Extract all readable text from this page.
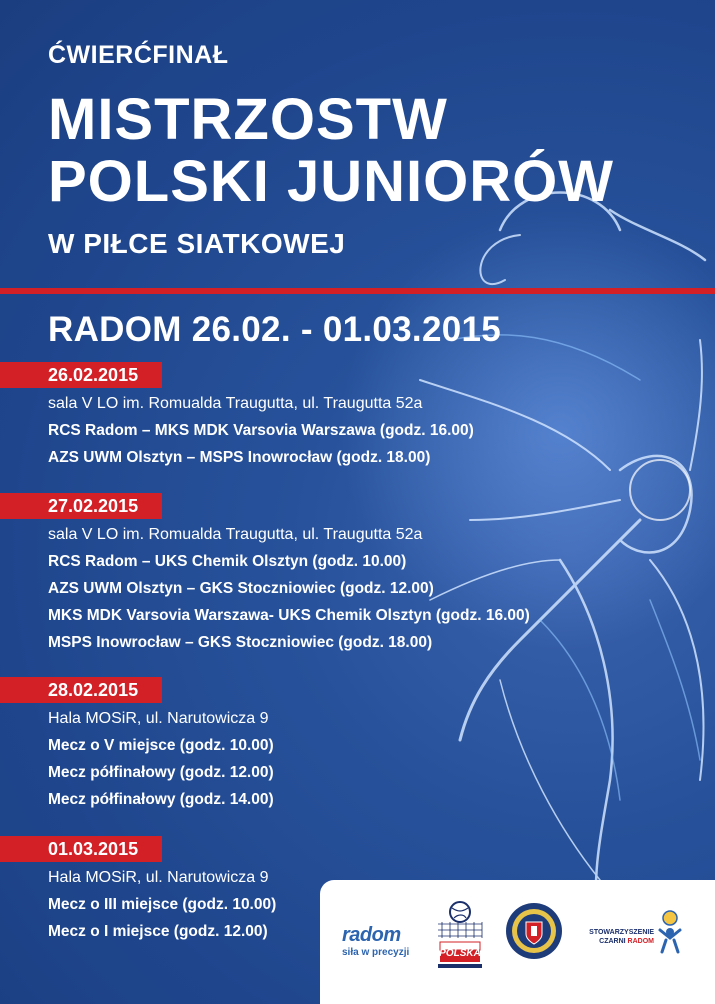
ĆWIERĆFINAŁ

MISTRZOSTW

POLSKI JUNIORÓW

W PIŁCE SIATKOWEJ

RADOM 26.02. - 01.03.2015

26.02.2015
sala V LO im. Romualda Traugutta, ul. Traugutta 52a
RCS Radom – MKS MDK Varsovia Warszawa (godz. 16.00)
AZS UWM Olsztyn – MSPS Inowrocław (godz. 18.00)
27.02.2015
sala V LO im. Romualda Traugutta, ul. Traugutta 52a
RCS Radom – UKS Chemik Olsztyn (godz. 10.00)
AZS UWM Olsztyn – GKS Stoczniowiec (godz. 12.00)
MKS MDK Varsovia Warszawa- UKS Chemik Olsztyn (godz. 16.00)
MSPS Inowrocław – GKS Stoczniowiec (godz. 18.00)
28.02.2015
Hala MOSiR, ul. Narutowicza 9
Mecz o V miejsce (godz. 10.00)
Mecz półfinałowy (godz. 12.00)
Mecz półfinałowy (godz. 14.00)
01.03.2015
Hala MOSiR, ul. Narutowicza 9
Mecz o III miejsce (godz. 10.00)
Mecz o I miejsce (godz. 12.00)	radom
siła w precyzji	POLSKA
STOWARZYSZENIE
CZARNI RADOM
